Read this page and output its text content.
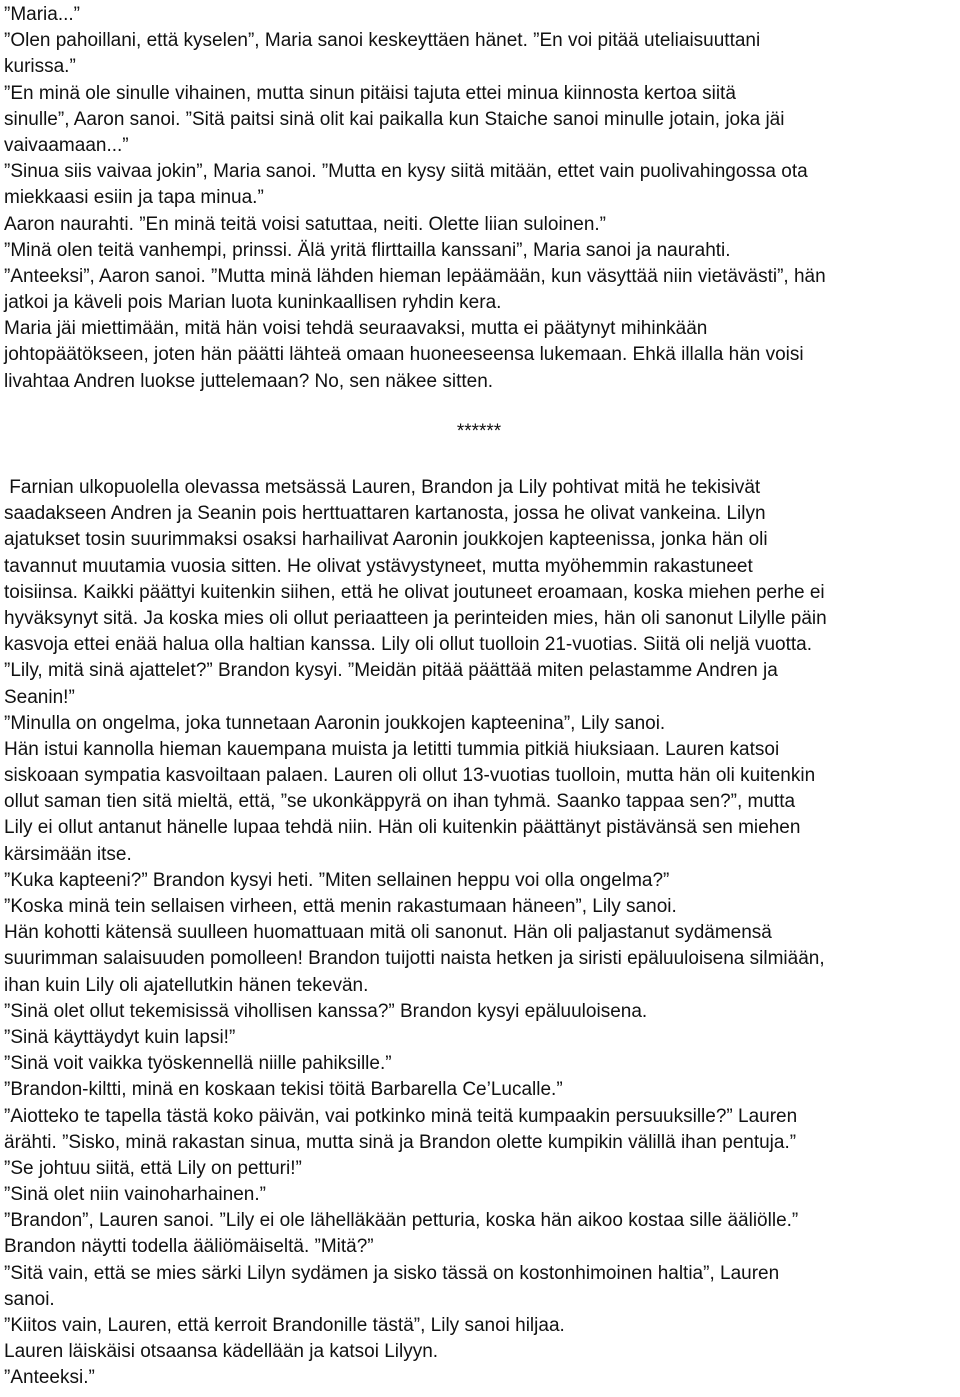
”Maria...”
”Olen pahoillani, että kyselen”, Maria sanoi keskeyttäen hänet. ”En voi pitää uteliaisuuttani
kurissa.”
”En minä ole sinulle vihainen, mutta sinun pitäisi tajuta ettei minua kiinnosta kertoa siitä
sinulle”, Aaron sanoi. ”Sitä paitsi sinä olit kai paikalla kun Staiche sanoi minulle jotain, joka jäi
vaivaamaan...”
”Sinua siis vaivaa jokin”, Maria sanoi. ”Mutta en kysy siitä mitään, ettet vain puolivahingossa ota
miekkaasi esiin ja tapa minua.”
Aaron naurahti. ”En minä teitä voisi satuttaa, neiti. Olette liian suloinen.”
”Minä olen teitä vanhempi, prinssi. Älä yritä flirttailla kanssani”, Maria sanoi ja naurahti.
”Anteeksi”, Aaron sanoi. ”Mutta minä lähden hieman lepäämään, kun väsyttää niin vietävästi”, hän
jatkoi ja käveli pois Marian luota kuninkaallisen ryhdin kera.
Maria jäi miettimään, mitä hän voisi tehdä seuraavaksi, mutta ei päätynyt mihinkään
johtopäätökseen, joten hän päätti lähteä omaan huoneeseensa lukemaan. Ehkä illalla hän voisi
livahtaa Andren luokse juttelemaan? No, sen näkee sitten.
******
Farnian ulkopuolella olevassa metsässä Lauren, Brandon ja Lily pohtivat mitä he tekisivät
saadakseen Andren ja Seanin pois herttuattaren kartanosta, jossa he olivat vankeina. Lilyn
ajatukset tosin suurimmaksi osaksi harhailivat Aaronin joukkojen kapteenissa, jonka hän oli
tavannut muutamia vuosia sitten. He olivat ystävystyneet, mutta myöhemmin rakastuneet
toisiinsa. Kaikki päättyi kuitenkin siihen, että he olivat joutuneet eroamaan, koska miehen perhe ei
hyväksynyt sitä. Ja koska mies oli ollut periaatteen ja perinteiden mies, hän oli sanonut Lilylle päin
kasvoja ettei enää halua olla haltian kanssa. Lily oli ollut tuolloin 21-vuotias. Siitä oli neljä vuotta.
”Lily, mitä sinä ajattelet?” Brandon kysyi. ”Meidän pitää päättää miten pelastamme Andren ja
Seanin!”
”Minulla on ongelma, joka tunnetaan Aaronin joukkojen kapteenina”, Lily sanoi.
Hän istui kannolla hieman kauempana muista ja letitti tummia pitkiä hiuksiaan. Lauren katsoi
siskoaan sympatia kasvoiltaan palaen. Lauren oli ollut 13-vuotias tuolloin, mutta hän oli kuitenkin
ollut saman tien sitä mieltä, että, ”se ukonkäppyrä on ihan tyhmä. Saanko tappaa sen?”, mutta
Lily ei ollut antanut hänelle lupaa tehdä niin. Hän oli kuitenkin päättänyt pistävänsä sen miehen
kärsimään itse.
”Kuka kapteeni?” Brandon kysyi heti. ”Miten sellainen heppu voi olla ongelma?”
”Koska minä tein sellaisen virheen, että menin rakastumaan häneen”, Lily sanoi.
Hän kohotti kätensä suulleen huomattuaan mitä oli sanonut. Hän oli paljastanut sydämensä
suurimman salaisuuden pomolleen! Brandon tuijotti naista hetken ja siristi epäluuloisena silmiään,
ihan kuin Lily oli ajatellutkin hänen tekevän.
”Sinä olet ollut tekemisissä vihollisen kanssa?” Brandon kysyi epäluuloisena.
”Sinä käyttäydyt kuin lapsi!”
”Sinä voit vaikka työskennellä niille pahiksille.”
”Brandon-kiltti, minä en koskaan tekisi töitä Barbarella Ce’Lucalle.”
”Aiotteko te tapella tästä koko päivän, vai potkinko minä teitä kumpaakin persuuksille?” Lauren
ärähti. ”Sisko, minä rakastan sinua, mutta sinä ja Brandon olette kumpikin välillä ihan pentuja.”
”Se johtuu siitä, että Lily on petturi!”
”Sinä olet niin vainoharhainen.”
”Brandon”, Lauren sanoi. ”Lily ei ole lähelläkään petturia, koska hän aikoo kostaa sille ääliölle.”
Brandon näytti todella ääliömäiseltä. ”Mitä?”
”Sitä vain, että se mies särki Lilyn sydämen ja sisko tässä on kostonhimoinen haltia”, Lauren
sanoi.
”Kiitos vain, Lauren, että kerroit Brandonille tästä”, Lily sanoi hiljaa.
Lauren läiskäisi otsaansa kädellään ja katsoi Lilyyn.
”Anteeksi.”
